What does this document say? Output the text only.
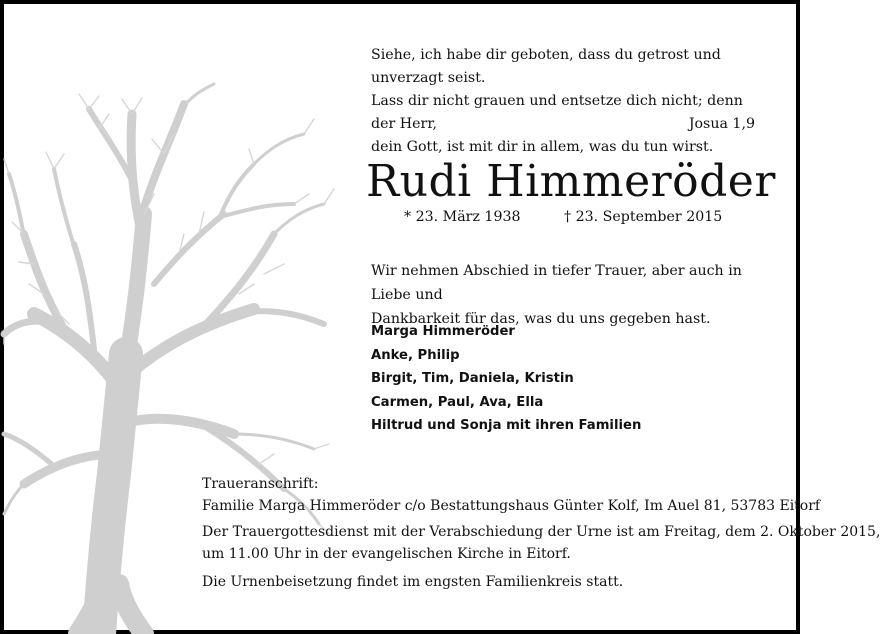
Siehe, ich habe dir geboten, dass du getrost und unverzagt seist.
Lass dir nicht grauen und entsetze dich nicht; denn der Herr,
dein Gott, ist mit dir in allem, was du tun wirst.
Josua 1,9
Rudi Himmeröder
* 23. März 1938	† 23. September 2015
Wir nehmen Abschied in tiefer Trauer, aber auch in Liebe und
Dankbarkeit für das, was du uns gegeben hast.
Marga Himmeröder
Anke, Philip
Birgit, Tim, Daniela, Kristin
Carmen, Paul, Ava, Ella
Hiltrud und Sonja mit ihren Familien
Traueranschrift:
Familie Marga Himmeröder c/o Bestattungshaus Günter Kolf, Im Auel 81, 53783 Eitorf
Der Trauergottesdienst mit der Verabschiedung der Urne ist am Freitag, dem 2. Oktober 2015,
um 11.00 Uhr in der evangelischen Kirche in Eitorf.
Die Urnenbeisetzung findet im engsten Familienkreis statt.
